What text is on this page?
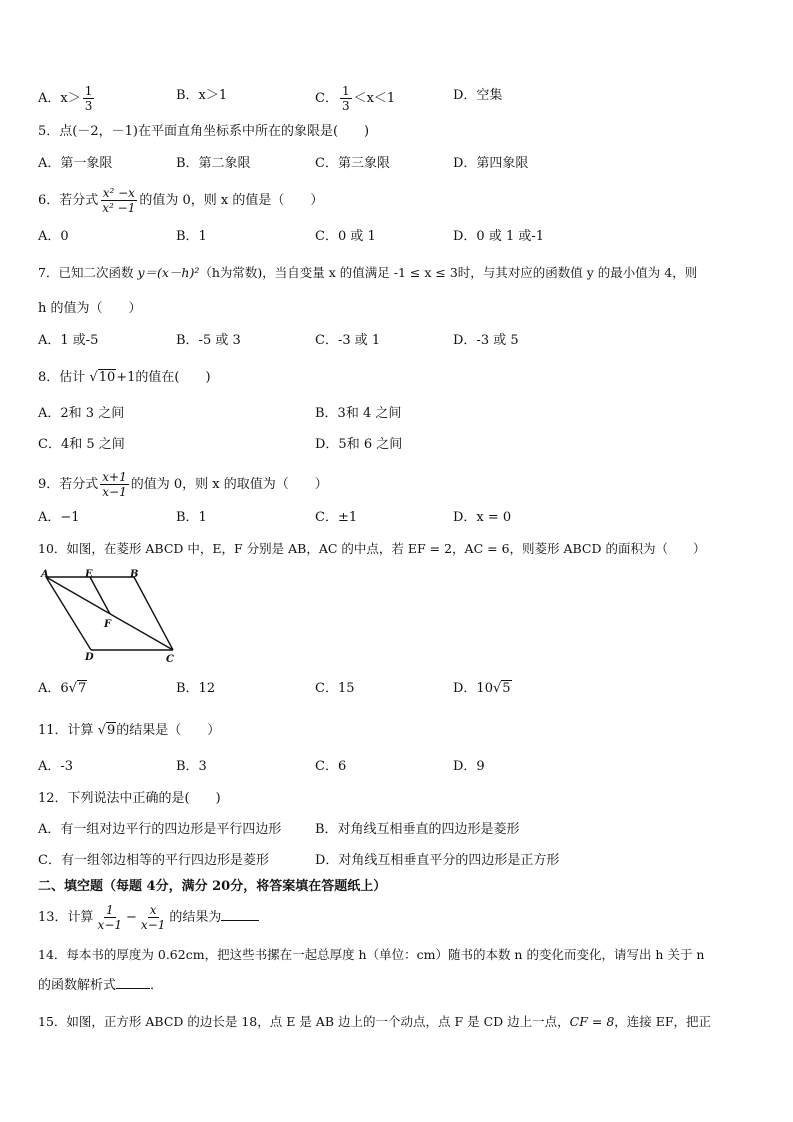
A．$x> \frac{1}{3}$	B．x＞1	C． $\frac{1}{3} <x<1$	D．空集
5．点(－2，－1)在平面直角坐标系中所在的象限是(　　)
A．第一象限	B．第二象限	C．第三象限	D．第四象限
6．若分式 $\frac{\text{x² −x}}{\text{x² −1}}$ 的值为 0，则 x 的值是（　　）
A．0	B．1	C．0 或 1	D．0 或 1 或-1
7．已知二次函数 y＝(x－h)²（h为常数)，当自变量 x 的值满足 -1 ≤ x ≤ 3时，与其对应的函数值 y 的最小值为 4，则
h 的值为（　　）
A．1 或-5	B．-5 或 3	C．-3 或 1	D．-3 或 5
8．估计 √10+1的值在(　　)
A．2和 3 之间	B．3和 4 之间
C．4和 5 之间	D．5和 6 之间
9．若分式 $\frac{x+1}{x-1}$ 的值为 0，则 x 的取值为（　　）
A．−1	B．1	C．±1	D．x = 0
10．如图，在菱形 ABCD 中，E，F 分别是 AB，AC 的中点，若 EF = 2，AC = 6，则菱形 ABCD 的面积为（　　）
A	E	B
F
D	C
A．6√7	B．12	C．15	D．10√5
11．计算 √9的结果是（　　）
A．-3	B．3	C．6	D．9
12．下列说法中正确的是(　　)
A．有一组对边平行的四边形是平行四边形	B．对角线互相垂直的四边形是菱形
C．有一组邻边相等的平行四边形是菱形	D．对角线互相垂直平分的四边形是正方形
二、填空题（每题 4分，满分 20分，将答案填在答题纸上）
13．计算 $\frac{1}{x-1} - \frac{x}{x-1}$ 的结果为
14．每本书的厚度为 0.62cm，把这些书摞在一起总厚度 h（单位：cm）随书的本数 n 的变化而变化，请写出 h 关于 n
的函数解析式	．
15．如图，正方形 ABCD 的边长是 18，点 E 是 AB 边上的一个动点，点 F 是 CD 边上一点，CF = 8，连接 EF，把正
